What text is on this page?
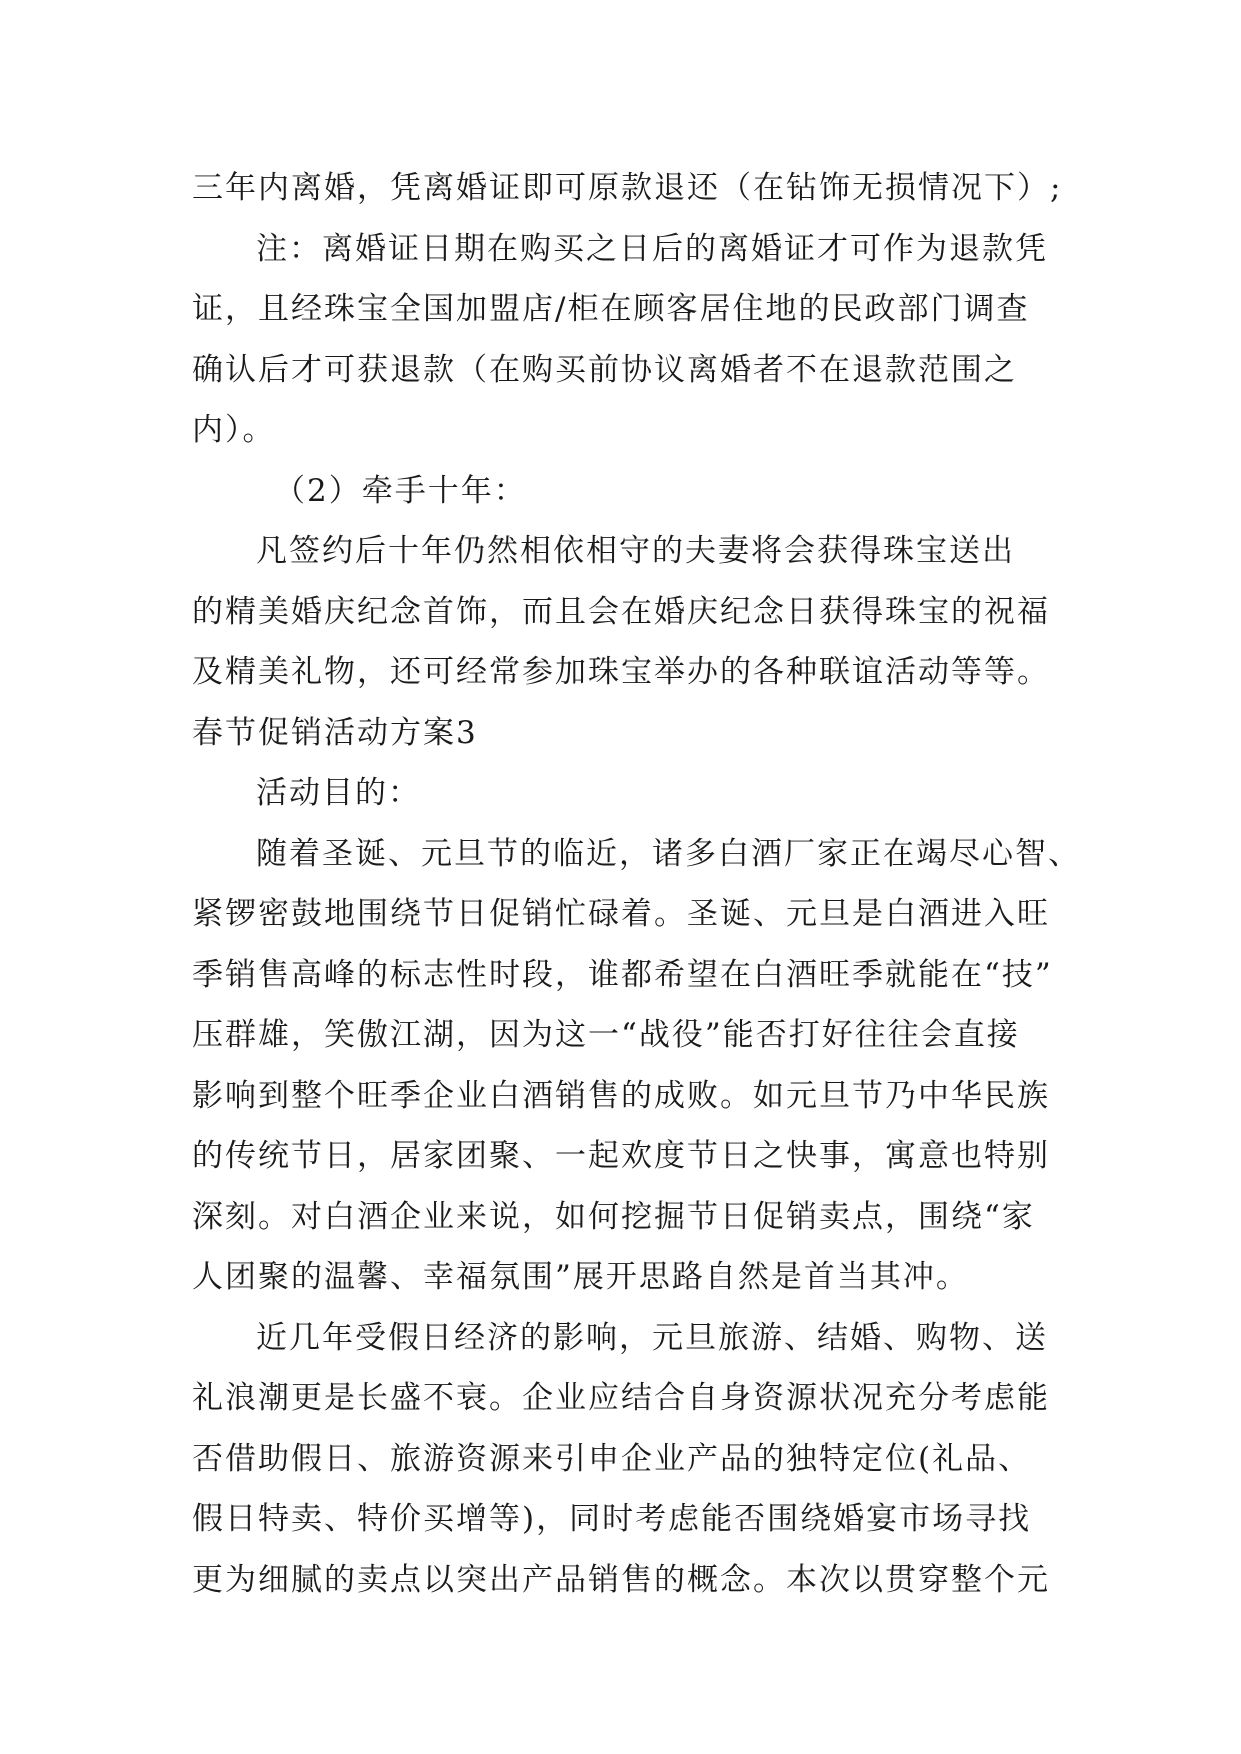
三年内离婚，凭离婚证即可原款退还（在钻饰无损情况下）;
注：离婚证日期在购买之日后的离婚证才可作为退款凭
证，且经珠宝全国加盟店/柜在顾客居住地的民政部门调查
确认后才可获退款（在购买前协议离婚者不在退款范围之
内）。
（2）牵手十年：
凡签约后十年仍然相依相守的夫妻将会获得珠宝送出
的精美婚庆纪念首饰，而且会在婚庆纪念日获得珠宝的祝福
及精美礼物，还可经常参加珠宝举办的各种联谊活动等等。
春节促销活动方案3
活动目的：
随着圣诞、元旦节的临近，诸多白酒厂家正在竭尽心智、
紧锣密鼓地围绕节日促销忙碌着。圣诞、元旦是白酒进入旺
季销售高峰的标志性时段，谁都希望在白酒旺季就能在“技”
压群雄，笑傲江湖，因为这一“战役”能否打好往往会直接
影响到整个旺季企业白酒销售的成败。如元旦节乃中华民族
的传统节日，居家团聚、一起欢度节日之快事，寓意也特别
深刻。对白酒企业来说，如何挖掘节日促销卖点，围绕“家
人团聚的温馨、幸福氛围”展开思路自然是首当其冲。
近几年受假日经济的影响，元旦旅游、结婚、购物、送
礼浪潮更是长盛不衰。企业应结合自身资源状况充分考虑能
否借助假日、旅游资源来引申企业产品的独特定位(礼品、
假日特卖、特价买增等)，同时考虑能否围绕婚宴市场寻找
更为细腻的卖点以突出产品销售的概念。本次以贯穿整个元
